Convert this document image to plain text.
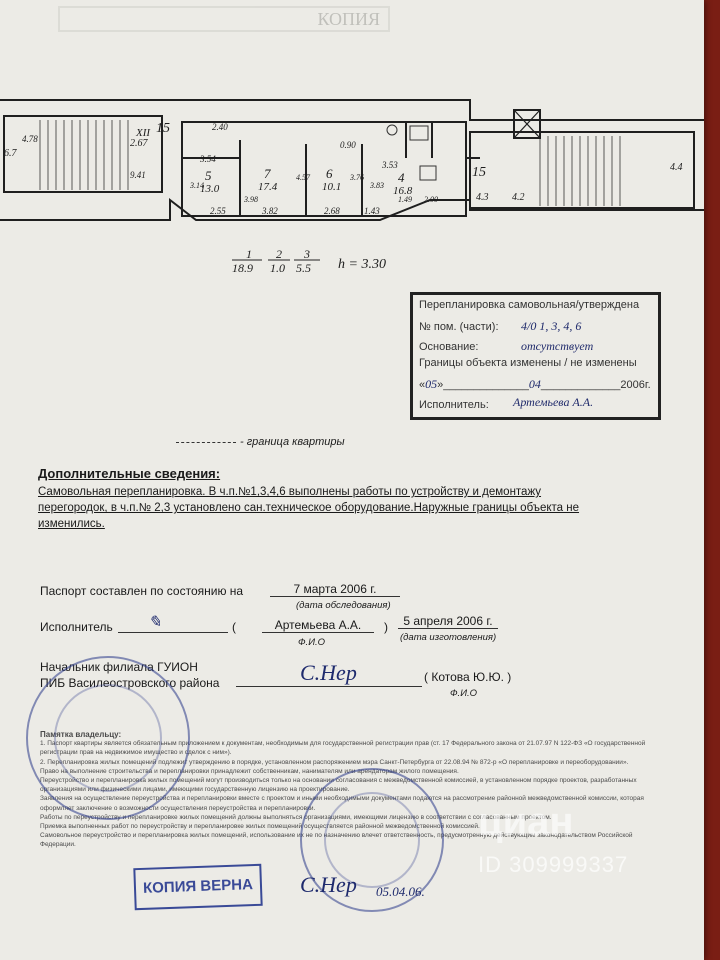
КОПИЯ
5
13.0
7
17.4
6
10.1
4
16.8
XII
2.67
15	2.40
3.54
0.90
3.53
9.41
2.55	3.82	2.68	1.43
1.49 2.00
3.14
3.98
4.57	3.76
3.83
6.7
4.78
15
4.3 4.2
4.4
1
18.9
2
1.0
3
5.5 h = 3.30
Перепланировка самовольная/утверждена
№ пом. (части): 4/0 1, 3, 4, 6
Основание:	отсутствует
Границы объекта изменены / не изменены
«05»______________04_____________2006г.
Исполнитель: Артемьева А.А.
- граница квартиры
Дополнительные сведения:
Самовольная перепланировка. В ч.п.№1,3,4,6 выполнены работы по устройству и демонтажу перегородок, в ч.п.№ 2,3 установлено сан.техническое оборудование.Наружные границы объекта не изменились.
Паспорт составлен по состоянию на	7 марта 2006 г.
(дата обследования)
Исполнитель ✎	(	Артемьева А.А.	)
Ф.И.О
5 апреля 2006 г.
(дата изготовления)
Начальник филиала ГУИОН
ПИБ Василеостровского района	С.Нер	( Котова Ю.Ю. )
Ф.И.О
Памятка владельцу:
1. Паспорт квартиры является обязательным приложением к документам, необходимым для государственной регистрации прав (ст. 17 Федерального закона от 21.07.97 N 122-ФЗ «О государственной регистрации прав на недвижимое имущество и сделок с ним»).
2. Перепланировка жилых помещений подлежит утверждению в порядке, установленном распоряжением мэра Санкт-Петербурга от 22.08.94 № 872-р «О перепланировке и переоборудовании».
Право на выполнение строительства и перепланировки принадлежит собственникам, нанимателям или арендаторам жилого помещения.
Переустройство и перепланировка жилых помещений могут производиться только на основании согласования с межведомственной комиссией, в установленном порядке проектов, разработанных организациями или физическими лицами, имеющими государственную лицензию на проектирование.
Заявления на осуществление переустройства и перепланировки вместе с проектом и иными необходимыми документами подаются на рассмотрение районной межведомственной комиссии, которая оформляет заключение о возможности осуществления переустройства и перепланировки.
Работы по переустройству и перепланировке жилых помещений должны выполняться организациями, имеющими лицензию в соответствии с согласованным проектом.
Приемка выполненных работ по переустройству и перепланировке жилых помещений осуществляется районной межведомственной комиссией.
Самовольное переустройство и перепланировка жилых помещений, использование их не по назначению влечет ответственность, предусмотренную действующим законодательством Российской Федерации.
КОПИЯ ВЕРНА	С.Нер 05.04.06.
циан
ID 309999337
